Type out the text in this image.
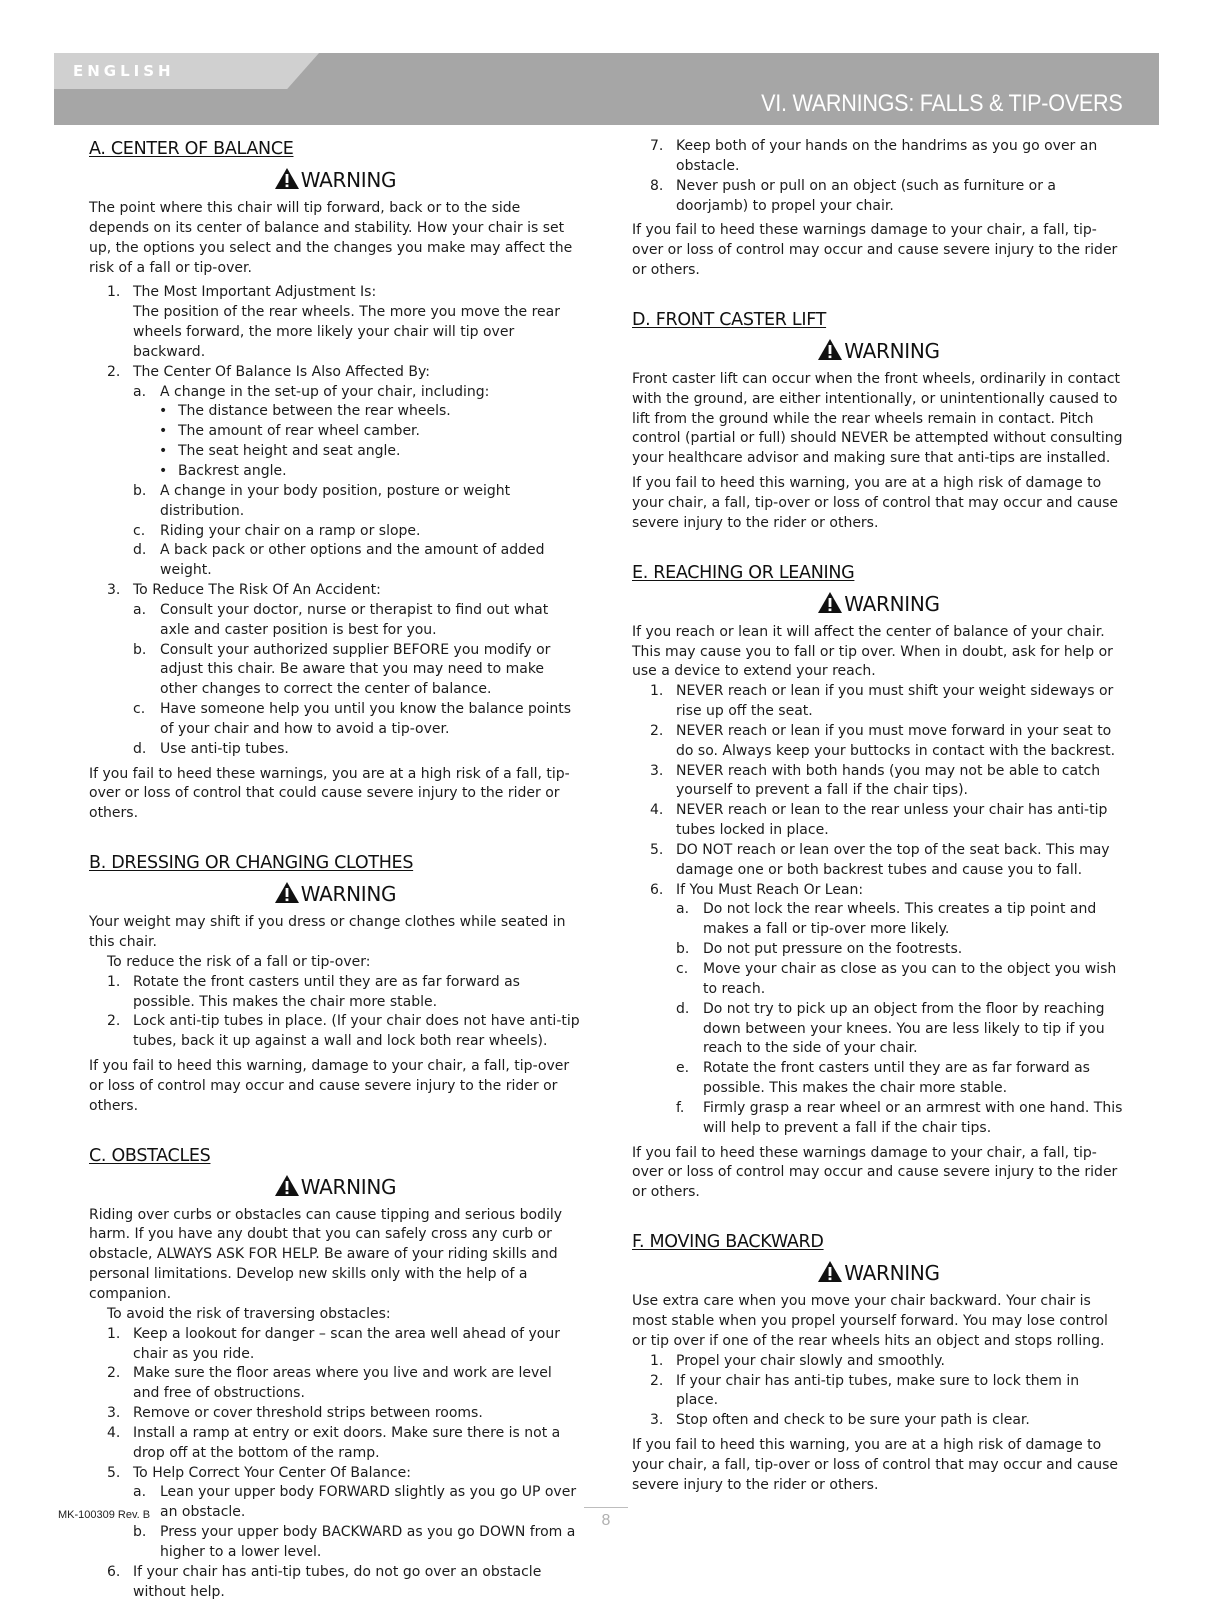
ENGLISH
VI. WARNINGS: FALLS & TIP-OVERS
A. CENTER OF BALANCE
WARNING

The point where this chair will tip forward, back or to the side depends on its center of balance and stability. How your chair is set up, the options you select and the changes you make may affect the risk of a fall or tip-over.

1. The Most Important Adjustment Is:
The position of the rear wheels. The more you move the rear wheels forward, the more likely your chair will tip over backward.
2. The Center Of Balance Is Also Affected By:
a. A change in the set-up of your chair, including:
• The distance between the rear wheels.
• The amount of rear wheel camber.
• The seat height and seat angle.
• Backrest angle.
b. A change in your body position, posture or weight distribution.
c. Riding your chair on a ramp or slope.
d. A back pack or other options and the amount of added weight.
3. To Reduce The Risk Of An Accident:
a. Consult your doctor, nurse or therapist to find out what axle and caster position is best for you.
b. Consult your authorized supplier BEFORE you modify or adjust this chair. Be aware that you may need to make other changes to correct the center of balance.
c. Have someone help you until you know the balance points of your chair and how to avoid a tip-over.
d. Use anti-tip tubes.

If you fail to heed these warnings, you are at a high risk of a fall, tip-over or loss of control that could cause severe injury to the rider or others.

B. DRESSING OR CHANGING CLOTHES
WARNING

Your weight may shift if you dress or change clothes while seated in this chair.

To reduce the risk of a fall or tip-over:
1. Rotate the front casters until they are as far forward as possible. This makes the chair more stable.
2. Lock anti-tip tubes in place. (If your chair does not have anti-tip tubes, back it up against a wall and lock both rear wheels).

If you fail to heed this warning, damage to your chair, a fall, tip-over or loss of control may occur and cause severe injury to the rider or others.

C. OBSTACLES
WARNING

Riding over curbs or obstacles can cause tipping and serious bodily harm. If you have any doubt that you can safely cross any curb or obstacle, ALWAYS ASK FOR HELP. Be aware of your riding skills and personal limitations. Develop new skills only with the help of a companion.

To avoid the risk of traversing obstacles:
1. Keep a lookout for danger – scan the area well ahead of your chair as you ride.
2. Make sure the floor areas where you live and work are level and free of obstructions.
3. Remove or cover threshold strips between rooms.
4. Install a ramp at entry or exit doors. Make sure there is not a drop off at the bottom of the ramp.
5. To Help Correct Your Center Of Balance:
a. Lean your upper body FORWARD slightly as you go UP over an obstacle.
b. Press your upper body BACKWARD as you go DOWN from a higher to a lower level.
6. If your chair has anti-tip tubes, do not go over an obstacle without help.
7. Keep both of your hands on the handrims as you go over an obstacle.
8. Never push or pull on an object (such as furniture or a doorjamb) to propel your chair.

If you fail to heed these warnings damage to your chair, a fall, tip-over or loss of control may occur and cause severe injury to the rider or others.

D. FRONT CASTER LIFT
WARNING

Front caster lift can occur when the front wheels, ordinarily in contact with the ground, are either intentionally, or unintentionally caused to lift from the ground while the rear wheels remain in contact. Pitch control (partial or full) should NEVER be attempted without consulting your healthcare advisor and making sure that anti-tips are installed.

If you fail to heed this warning, you are at a high risk of damage to your chair, a fall, tip-over or loss of control that may occur and cause severe injury to the rider or others.

E. REACHING OR LEANING
WARNING

If you reach or lean it will affect the center of balance of your chair. This may cause you to fall or tip over. When in doubt, ask for help or use a device to extend your reach.

1. NEVER reach or lean if you must shift your weight sideways or rise up off the seat.
2. NEVER reach or lean if you must move forward in your seat to do so. Always keep your buttocks in contact with the backrest.
3. NEVER reach with both hands (you may not be able to catch yourself to prevent a fall if the chair tips).
4. NEVER reach or lean to the rear unless your chair has anti-tip tubes locked in place.
5. DO NOT reach or lean over the top of the seat back. This may damage one or both backrest tubes and cause you to fall.
6. If You Must Reach Or Lean:
a. Do not lock the rear wheels. This creates a tip point and makes a fall or tip-over more likely.
b. Do not put pressure on the footrests.
c. Move your chair as close as you can to the object you wish to reach.
d. Do not try to pick up an object from the floor by reaching down between your knees. You are less likely to tip if you reach to the side of your chair.
e. Rotate the front casters until they are as far forward as possible. This makes the chair more stable.
f. Firmly grasp a rear wheel or an armrest with one hand. This will help to prevent a fall if the chair tips.

If you fail to heed these warnings damage to your chair, a fall, tip-over or loss of control may occur and cause severe injury to the rider or others.

F. MOVING BACKWARD
WARNING

Use extra care when you move your chair backward. Your chair is most stable when you propel yourself forward. You may lose control or tip over if one of the rear wheels hits an object and stops rolling.

1. Propel your chair slowly and smoothly.
2. If your chair has anti-tip tubes, make sure to lock them in place.
3. Stop often and check to be sure your path is clear.

If you fail to heed this warning, you are at a high risk of damage to your chair, a fall, tip-over or loss of control that may occur and cause severe injury to the rider or others.

MK-100309 Rev. B	8
